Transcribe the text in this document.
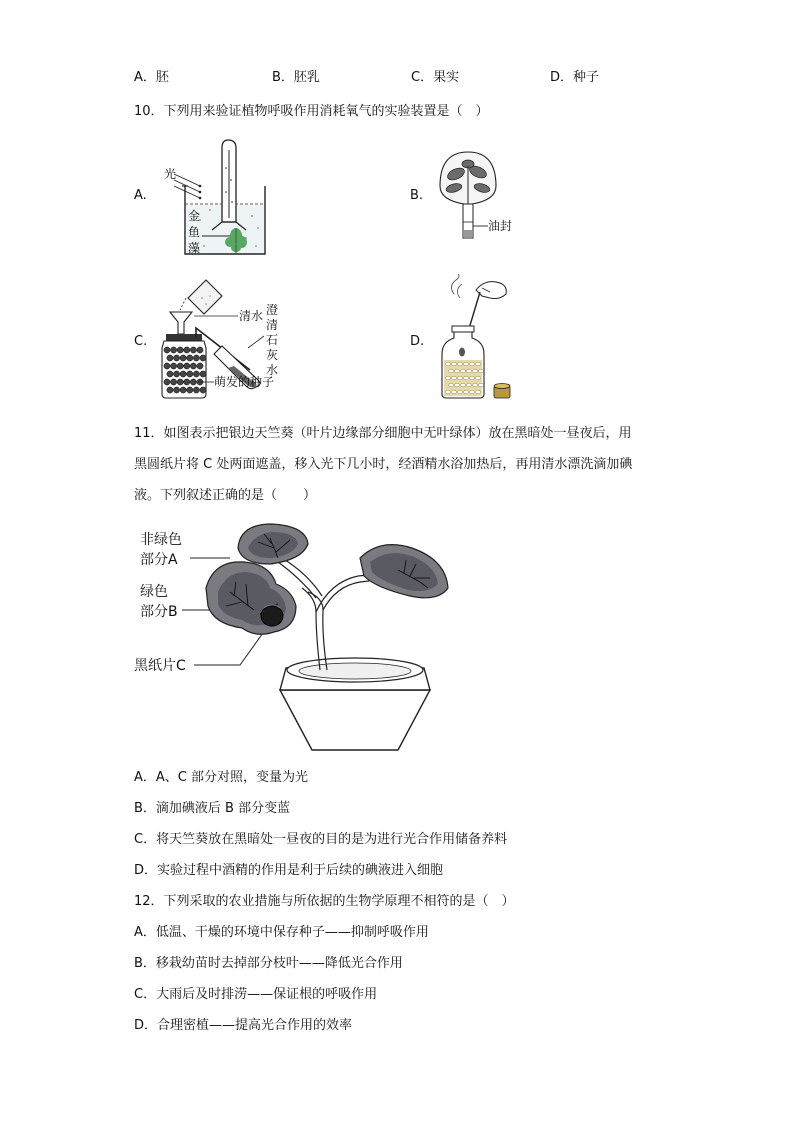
A．胚	B．胚乳	C．果实	D．种子
10．下列用来验证植物呼吸作用消耗氧气的实验装置是（　）
A.	B.
C.	D.
光
金
鱼
藻
油封
清水 澄
清
石
灰
水
萌发的种子
11．如图表示把银边天竺葵（叶片边缘部分细胞中无叶绿体）放在黑暗处一昼夜后，用
黑圆纸片将 C 处两面遮盖，移入光下几小时，经酒精水浴加热后，再用清水漂洗滴加碘
液。下列叙述正确的是（　　）
非绿色
部分A
绿色
部分B
黑纸片C
A．A、C 部分对照，变量为光
B．滴加碘液后 B 部分变蓝
C．将天竺葵放在黑暗处一昼夜的目的是为进行光合作用储备养料
D．实验过程中酒精的作用是利于后续的碘液进入细胞
12．下列采取的农业措施与所依据的生物学原理不相符的是（　）
A．低温、干燥的环境中保存种子——抑制呼吸作用
B．移栽幼苗时去掉部分枝叶——降低光合作用
C．大雨后及时排涝——保证根的呼吸作用
D．合理密植——提高光合作用的效率
